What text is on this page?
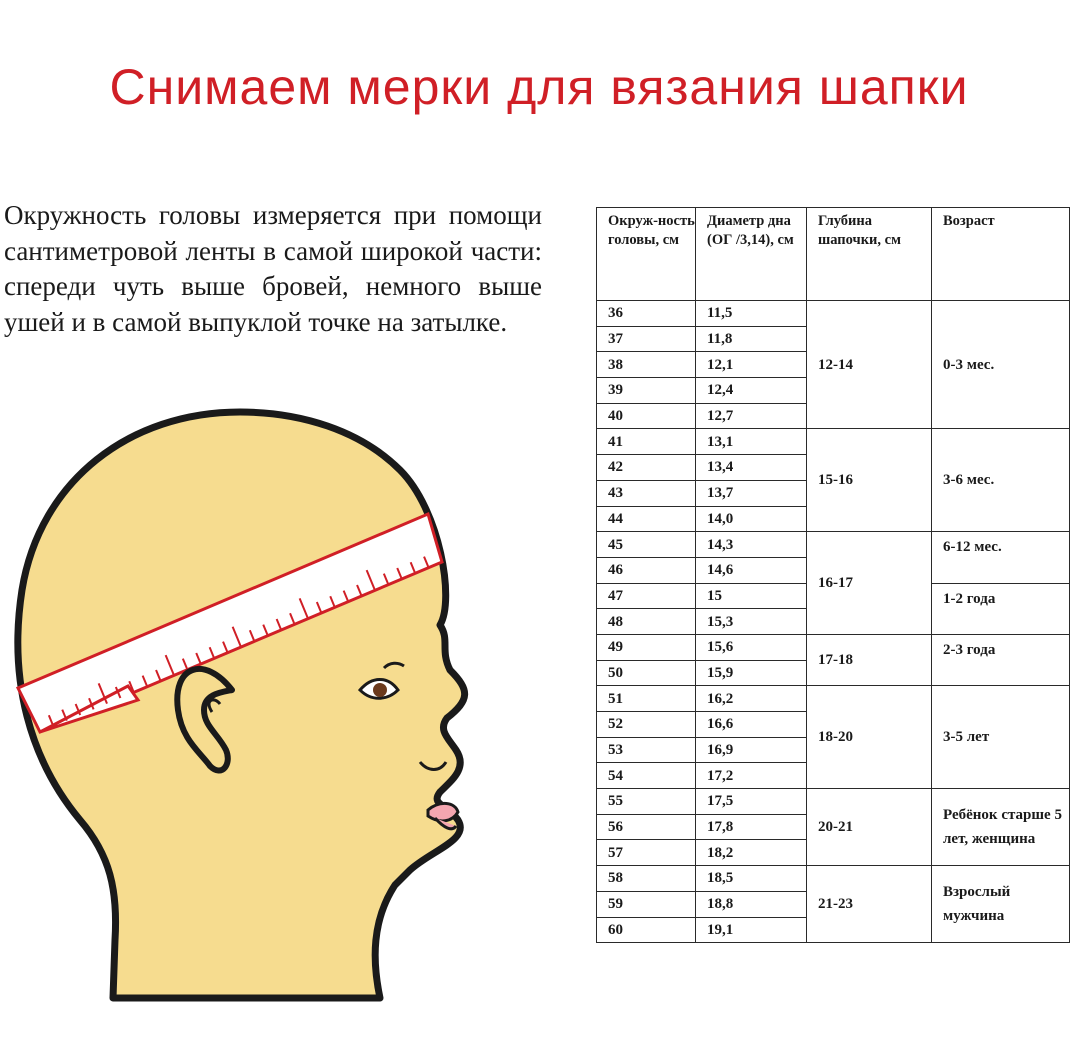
Снимаем мерки для вязания шапки
Окружность головы измеряется при помощи сантиметровой ленты в самой широкой части: спереди чуть выше бровей, немного выше ушей и в самой выпуклой точке на затылке.
Окруж-ность головы, см	Диаметр дна (ОГ /3,14), см	Глубина шапочки, см	Возраст
36	11,5	12-14	0-3 мес.
37	11,8		
38	12,1		
39	12,4		
40	12,7		
41	13,1	15-16	3-6 мес.
42	13,4		
43	13,7		
44	14,0		
45	14,3	16-17	6-12 мес.
46	14,6		
47	15		1-2 года
48	15,3		
49	15,6	17-18	2-3 года
50	15,9		
51	16,2	18-20	3-5 лет
52	16,6		
53	16,9		
54	17,2		
55	17,5	20-21	Ребёнок старше 5 лет, женщина
56	17,8		
57	18,2		
58	18,5	21-23	Взрослый мужчина
59	18,8		
60	19,1		
